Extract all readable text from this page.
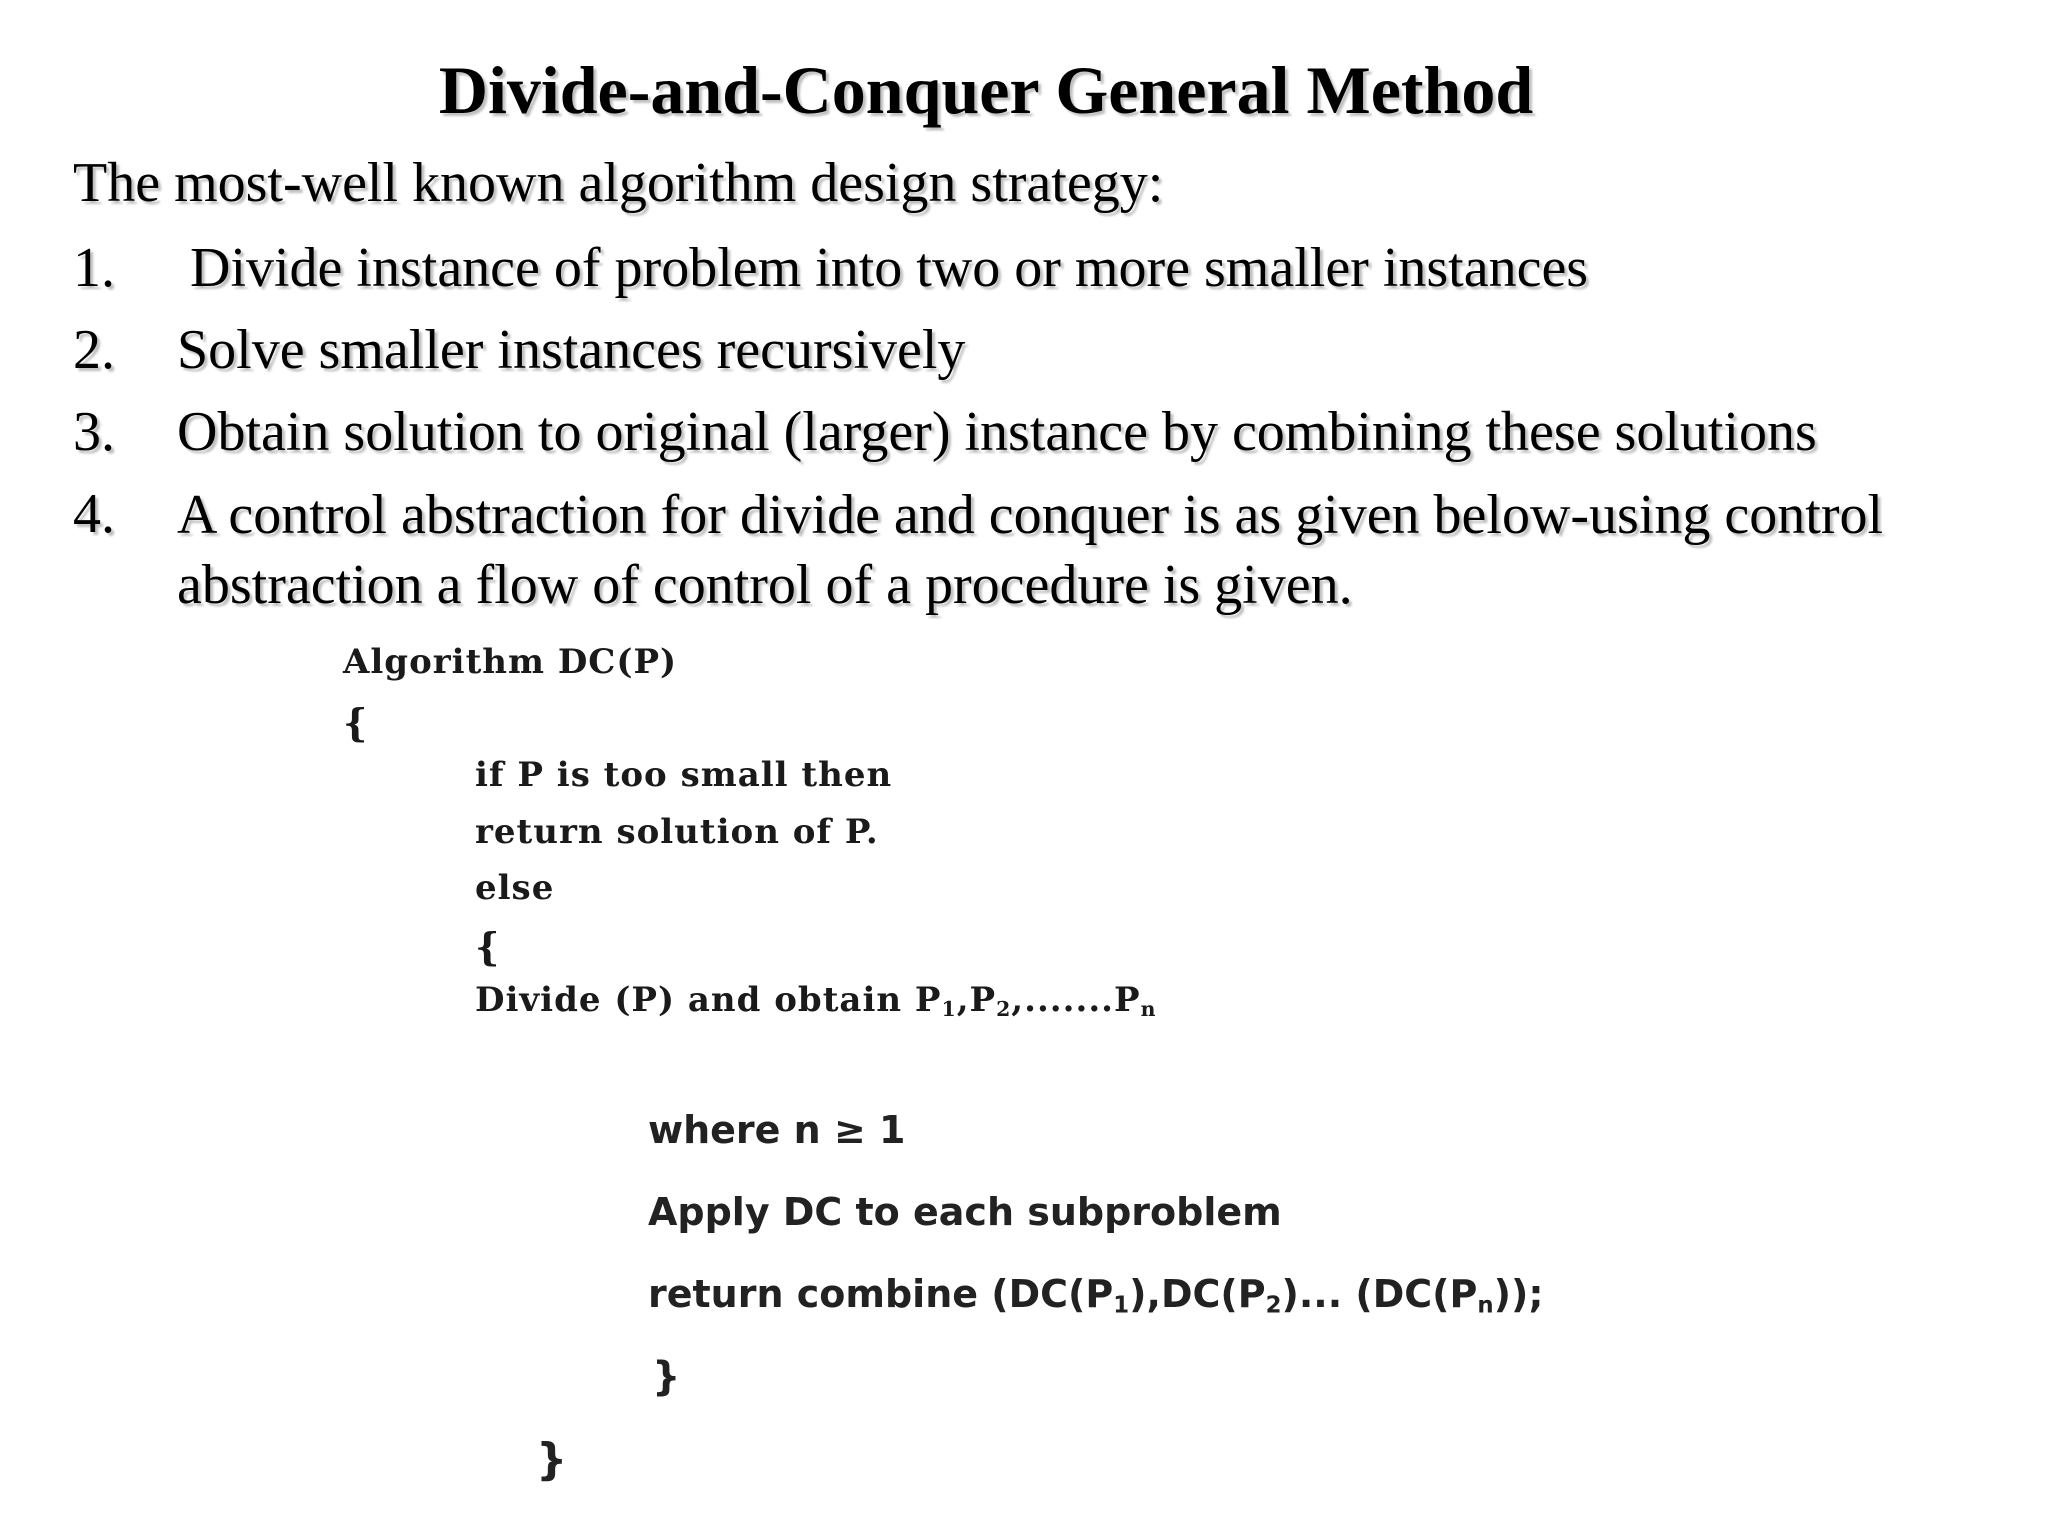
Divide-and-Conquer General Method
The most-well known algorithm design strategy:
1. Divide instance of problem into two or more smaller instances
2. Solve smaller instances recursively
3. Obtain solution to original (larger) instance by combining these solutions
4. A control abstraction for divide and conquer is as given below-using control
abstraction a flow of control of a procedure is given.
Algorithm DC(P)
{
if P is too small then
return solution of P.
else
{
Divide (P) and obtain $P_1,P_2,.......P_n$
where n ≥ 1
Apply DC to each subproblem
return combine ($DC(P_1),DC(P_2)$... $(DC(P_n))$;
}
}
